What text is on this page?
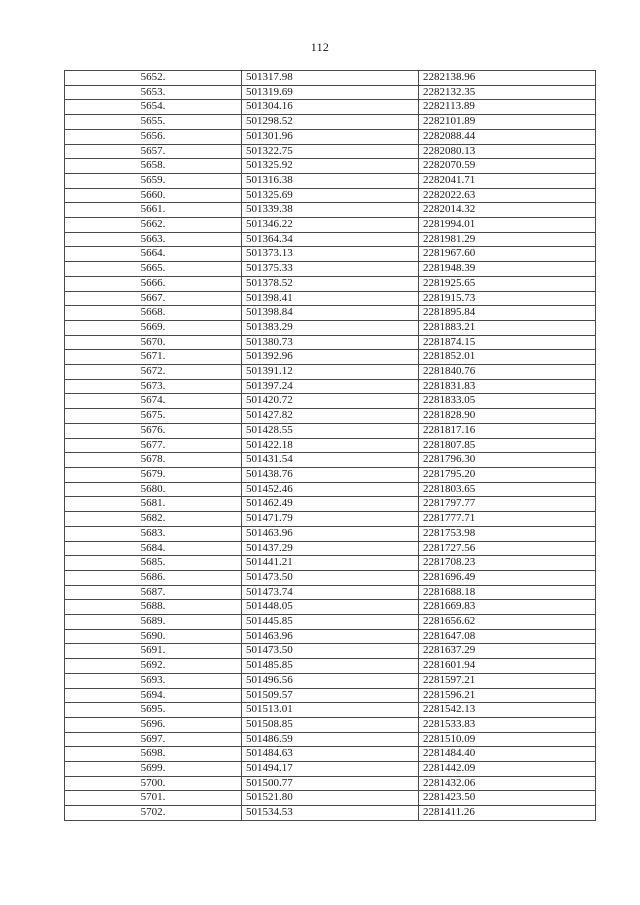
112
5652.	501317.98	2282138.96
5653.	501319.69	2282132.35
5654.	501304.16	2282113.89
5655.	501298.52	2282101.89
5656.	501301.96	2282088.44
5657.	501322.75	2282080.13
5658.	501325.92	2282070.59
5659.	501316.38	2282041.71
5660.	501325.69	2282022.63
5661.	501339.38	2282014.32
5662.	501346.22	2281994.01
5663.	501364.34	2281981.29
5664.	501373.13	2281967.60
5665.	501375.33	2281948.39
5666.	501378.52	2281925.65
5667.	501398.41	2281915.73
5668.	501398.84	2281895.84
5669.	501383.29	2281883.21
5670.	501380.73	2281874.15
5671.	501392.96	2281852.01
5672.	501391.12	2281840.76
5673.	501397.24	2281831.83
5674.	501420.72	2281833.05
5675.	501427.82	2281828.90
5676.	501428.55	2281817.16
5677.	501422.18	2281807.85
5678.	501431.54	2281796.30
5679.	501438.76	2281795.20
5680.	501452.46	2281803.65
5681.	501462.49	2281797.77
5682.	501471.79	2281777.71
5683.	501463.96	2281753.98
5684.	501437.29	2281727.56
5685.	501441.21	2281708.23
5686.	501473.50	2281696.49
5687.	501473.74	2281688.18
5688.	501448.05	2281669.83
5689.	501445.85	2281656.62
5690.	501463.96	2281647.08
5691.	501473.50	2281637.29
5692.	501485.85	2281601.94
5693.	501496.56	2281597.21
5694.	501509.57	2281596.21
5695.	501513.01	2281542.13
5696.	501508.85	2281533.83
5697.	501486.59	2281510.09
5698.	501484.63	2281484.40
5699.	501494.17	2281442.09
5700.	501500.77	2281432.06
5701.	501521.80	2281423.50
5702.	501534.53	2281411.26
